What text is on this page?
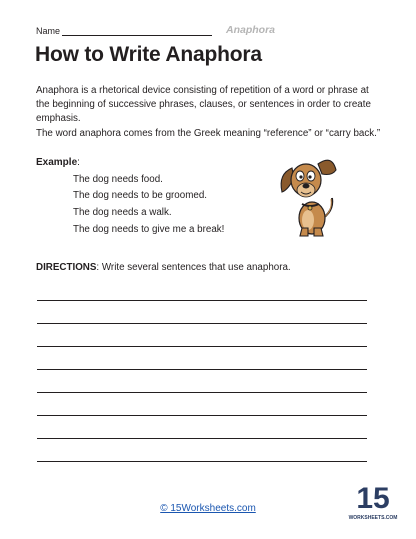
Name	Anaphora
How to Write Anaphora

Anaphora is a rhetorical device consisting of repetition of a word or phrase at the beginning of successive phrases, clauses, or sentences in order to create emphasis.

The word anaphora comes from the Greek meaning “reference” or “carry back.”

Example:
The dog needs food.
The dog needs to be groomed.
The dog needs a walk.
The dog needs to give me a break!
DIRECTIONS: Write several sentences that use anaphora.
© 15Worksheets.com	15
WORKSHEETS.COM
